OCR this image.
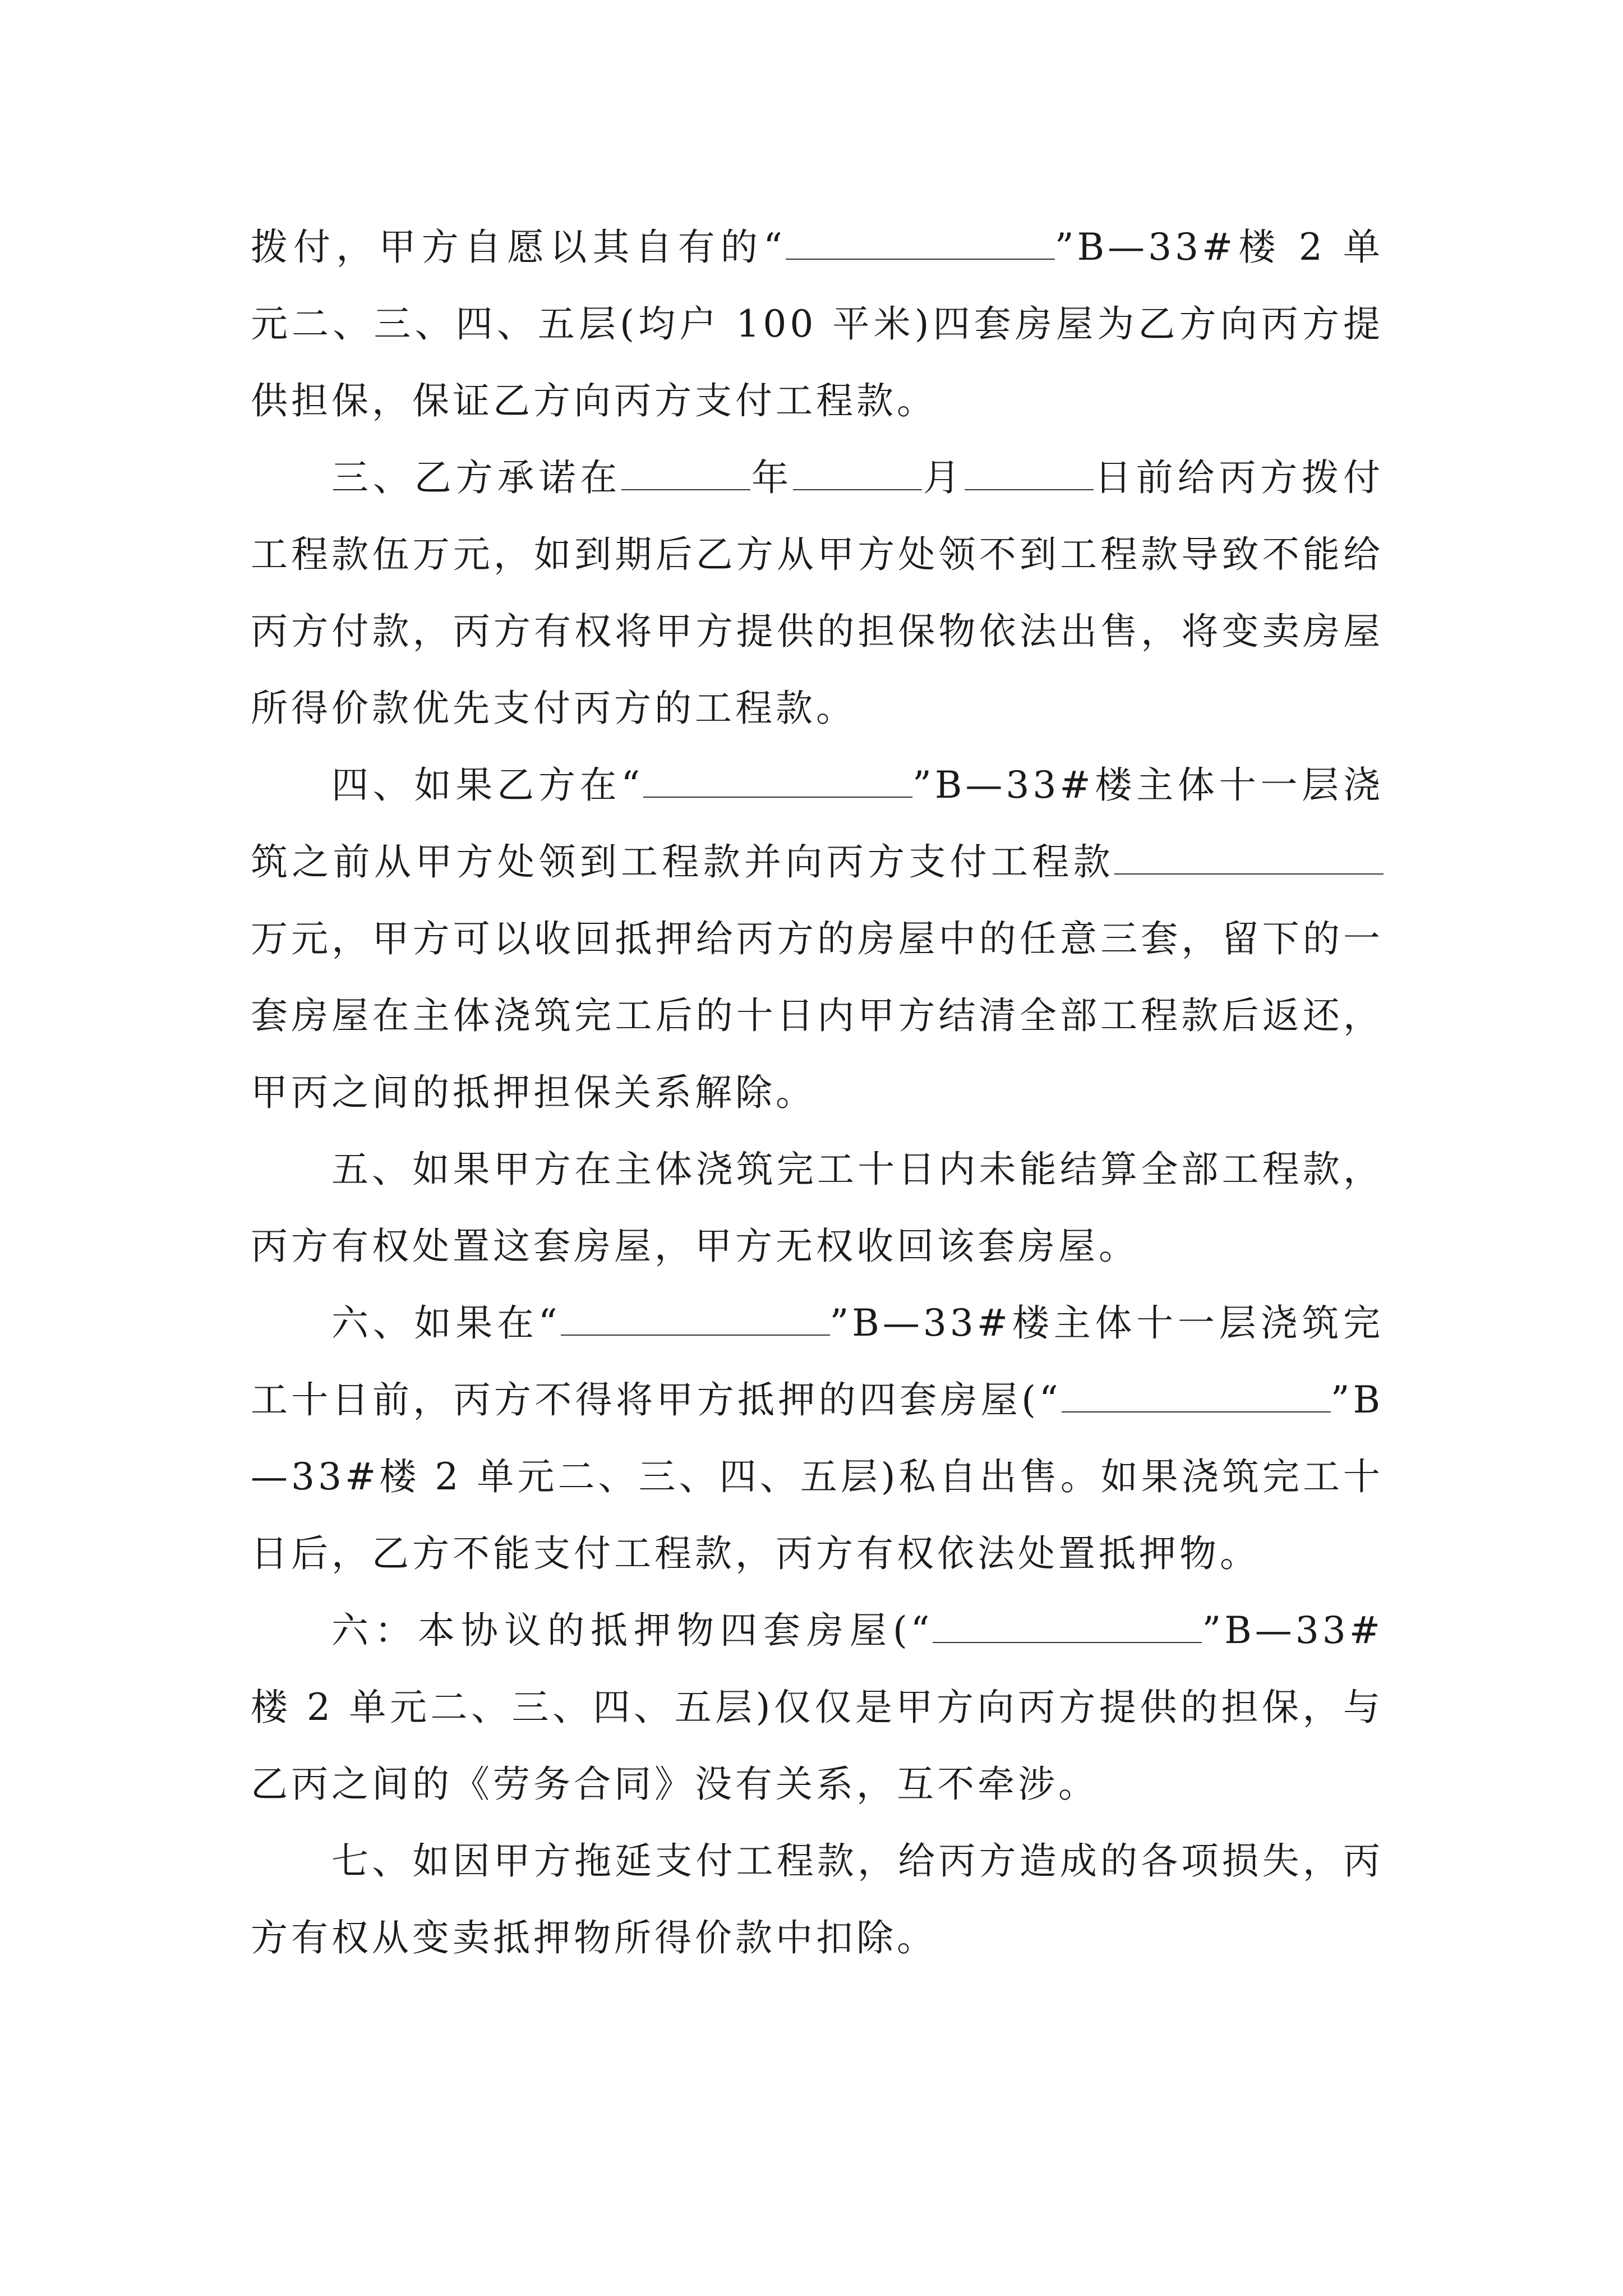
拨付，甲方自愿以其自有的“	”B—33#楼 2 单元二、三、四、五层(均户 100 平米)四套房屋为乙方向丙方提供担保，保证乙方向丙方支付工程款。

三、乙方承诺在	年	月	日前给丙方拨付工程款伍万元，如到期后乙方从甲方处领不到工程款导致不能给丙方付款，丙方有权将甲方提供的担保物依法出售，将变卖房屋所得价款优先支付丙方的工程款。

四、如果乙方在“	”B—33#楼主体十一层浇筑之前从甲方处领到工程款并向丙方支付工程款万元，甲方可以收回抵押给丙方的房屋中的任意三套，留下的一套房屋在主体浇筑完工后的十日内甲方结清全部工程款后返还，甲丙之间的抵押担保关系解除。

五、如果甲方在主体浇筑完工十日内未能结算全部工程款，丙方有权处置这套房屋，甲方无权收回该套房屋。

六、如果在“	”B—33#楼主体十一层浇筑完工十日前，丙方不得将甲方抵押的四套房屋(“	”B—33#楼 2 单元二、三、四、五层)私自出售。如果浇筑完工十日后，乙方不能支付工程款，丙方有权依法处置抵押物。

六：本协议的抵押物四套房屋(“	”B—33#楼 2 单元二、三、四、五层)仅仅是甲方向丙方提供的担保，与乙丙之间的《劳务合同》没有关系，互不牵涉。

七、如因甲方拖延支付工程款，给丙方造成的各项损失，丙方有权从变卖抵押物所得价款中扣除。
